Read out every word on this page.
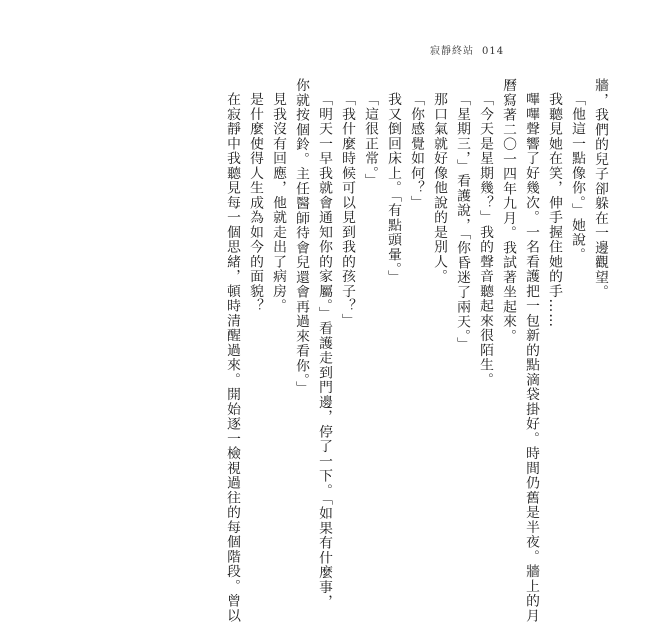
寂靜終站 014

牆，我們的兒子卻躲在一邊觀望。

「他這一點像你。」她說。

我聽見她在笑，伸手握住她的手……

嗶嗶聲響了好幾次。一名看護把一包新的點滴袋掛好。時間仍舊是半夜。牆上的月

曆寫著二〇一四年九月。我試著坐起來。

「今天是星期幾？」我的聲音聽起來很陌生。

「星期三，」看護說，「你昏迷了兩天。」

那口氣就好像他說的是別人。

「你感覺如何？」

我又倒回床上。「有點頭暈。」

「這很正常。」

「我什麼時候可以見到我的孩子？」

「明天一早我就會通知你的家屬。」看護走到門邊，停了一下。「如果有什麼事，

你就按個鈴。主任醫師待會兒還會再過來看你。」

見我沒有回應，他就走出了病房。

是什麼使得人生成為如今的面貌？

在寂靜中我聽見每一個思緒，頓時清醒過來。開始逐一檢視過往的每個階段。曾以
